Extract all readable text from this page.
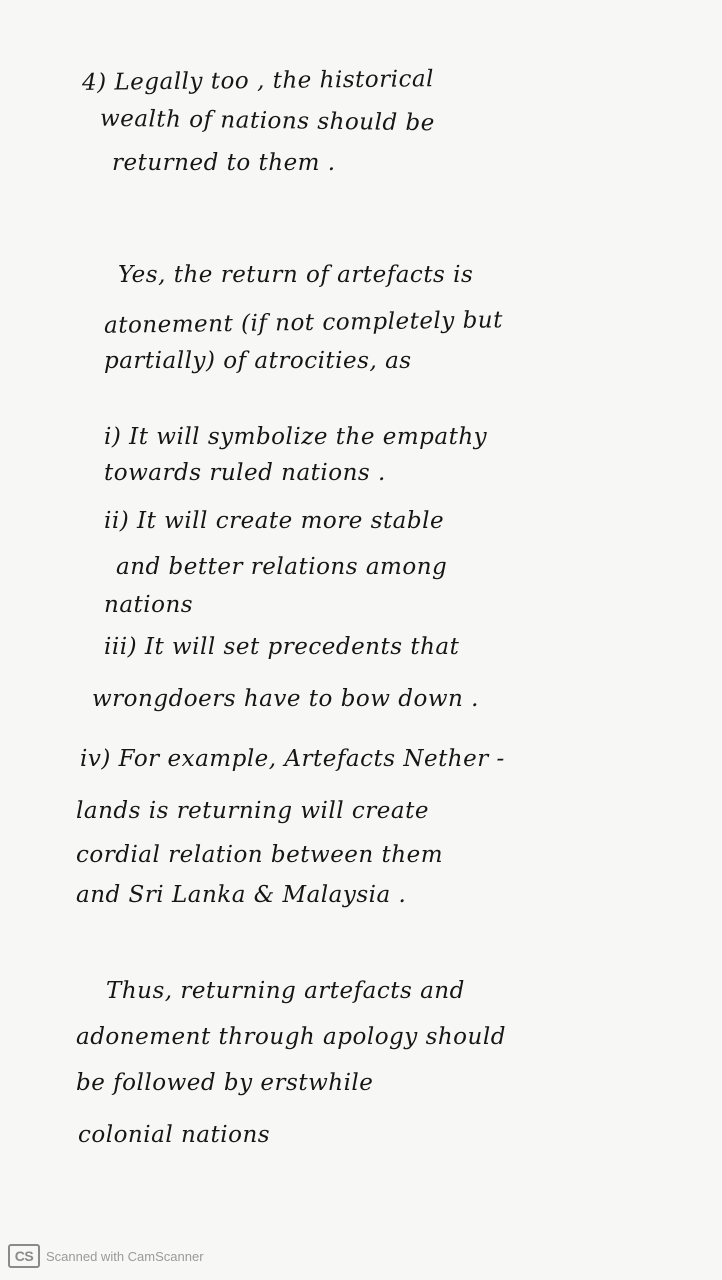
4) Legally too , the historical
wealth of nations should be
returned to them .
Yes, the return of artefacts is
atonement (if not completely but
partially) of atrocities, as
i) It will symbolize the empathy
towards ruled nations .
ii) It will create more stable
and better relations among
nations
iii) It will set precedents that
wrongdoers have to bow down .
iv) For example, Artefacts Nether -
lands is returning will create
cordial relation between them
and Sri Lanka & Malaysia .
Thus, returning artefacts and
adonement through apology should
be followed by erstwhile
colonial nations
CS Scanned with CamScanner
